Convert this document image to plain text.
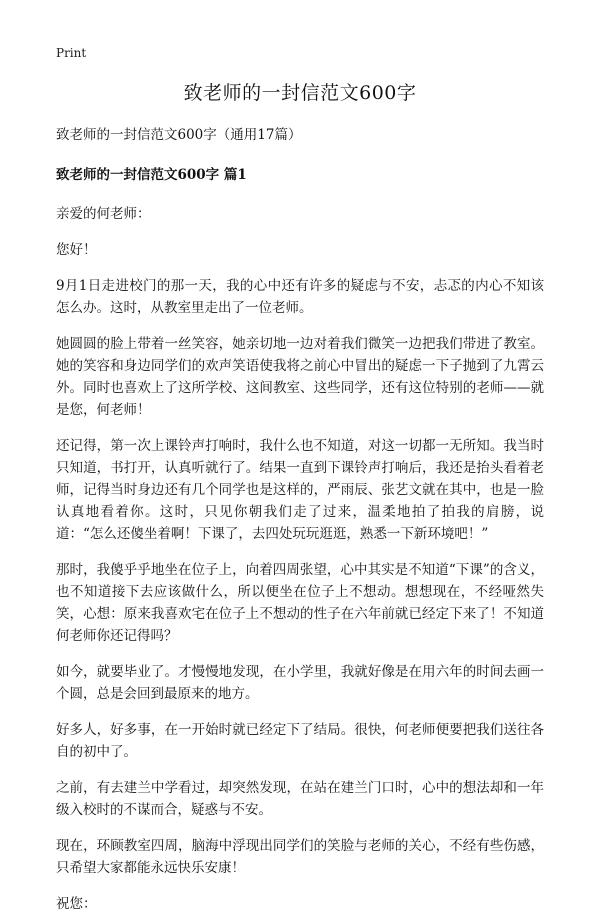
Print
致老师的一封信范文600字

致老师的一封信范文600字（通用17篇）

致老师的一封信范文600字 篇1

亲爱的何老师：

您好！

9月1日走进校门的那一天，我的心中还有许多的疑虑与不安，忐忑的内心不知该怎么办。这时，从教室里走出了一位老师。

她圆圆的脸上带着一丝笑容，她亲切地一边对着我们微笑一边把我们带进了教室。她的笑容和身边同学们的欢声笑语使我将之前心中冒出的疑虑一下子抛到了九霄云外。同时也喜欢上了这所学校、这间教室、这些同学，还有这位特别的老师——就是您，何老师！

还记得，第一次上课铃声打响时，我什么也不知道，对这一切都一无所知。我当时只知道，书打开，认真听就行了。结果一直到下课铃声打响后，我还是抬头看着老师，记得当时身边还有几个同学也是这样的，严雨辰、张艺文就在其中，也是一脸认真地看着你。这时，只见你朝我们走了过来，温柔地拍了拍我的肩膀，说道：“怎么还傻坐着啊！下课了，去四处玩玩逛逛，熟悉一下新环境吧！”

那时，我傻乎乎地坐在位子上，向着四周张望，心中其实是不知道“下课”的含义，也不知道接下去应该做什么，所以便坐在位子上不想动。想想现在，不经哑然失笑，心想：原来我喜欢宅在位子上不想动的性子在六年前就已经定下来了！不知道何老师你还记得吗？

如今，就要毕业了。才慢慢地发现，在小学里，我就好像是在用六年的时间去画一个圆，总是会回到最原来的地方。

好多人，好多事，在一开始时就已经定下了结局。很快，何老师便要把我们送往各自的初中了。

之前，有去建兰中学看过，却突然发现，在站在建兰门口时，心中的想法却和一年级入校时的不谋而合，疑惑与不安。

现在，环顾教室四周，脑海中浮现出同学们的笑脸与老师的关心，不经有些伤感，只希望大家都能永远快乐安康！

祝您：
